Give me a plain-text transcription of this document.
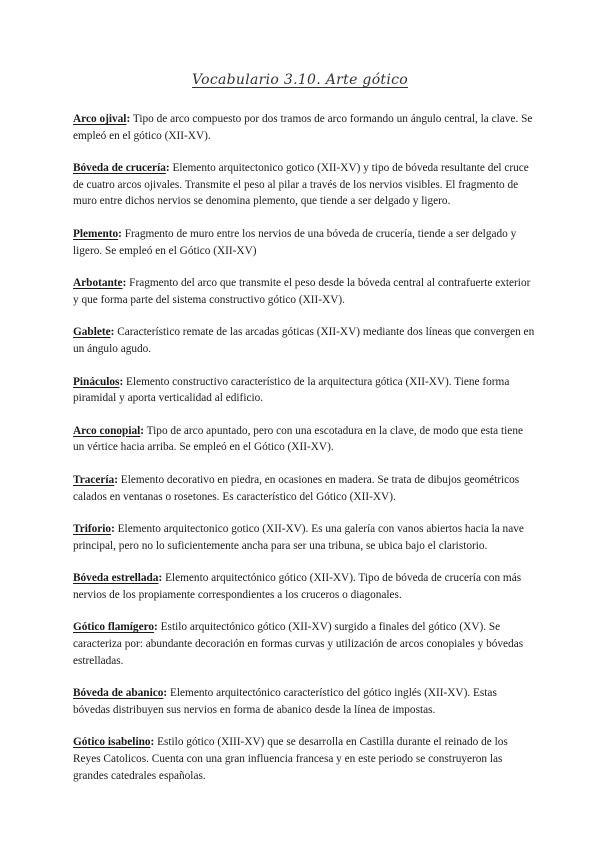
Vocabulario 3.10. Arte gótico

Arco ojival: Tipo de arco compuesto por dos tramos de arco formando un ángulo central, la clave. Se empleó en el gótico (XII-XV).

Bóveda de crucería: Elemento arquitectonico gotico (XII-XV) y tipo de bóveda resultante del cruce de cuatro arcos ojivales. Transmite el peso al pilar a través de los nervios visibles. El fragmento de muro entre dichos nervios se denomina plemento, que tiende a ser delgado y ligero.

Plemento: Fragmento de muro entre los nervios de una bóveda de crucería, tiende a ser delgado y ligero. Se empleó en el Gótico (XII-XV)

Arbotante: Fragmento del arco que transmite el peso desde la bóveda central al contrafuerte exterior y que forma parte del sistema constructivo gótico (XII-XV).

Gablete: Característico remate de las arcadas góticas (XII-XV) mediante dos líneas que convergen en un ángulo agudo.

Pináculos: Elemento constructivo característico de la arquitectura gótica (XII-XV). Tiene forma piramidal y aporta verticalidad al edificio.

Arco conopial: Tipo de arco apuntado, pero con una escotadura en la clave, de modo que esta tiene un vértice hacia arriba. Se empleó en el Gótico (XII-XV).

Tracería: Elemento decorativo en piedra, en ocasiones en madera. Se trata de dibujos geométricos calados en ventanas o rosetones. Es característico del Gótico (XII-XV).

Triforio: Elemento arquitectonico gotico (XII-XV). Es una galería con vanos abiertos hacia la nave principal, pero no lo suficientemente ancha para ser una tribuna, se ubica bajo el claristorio.

Bóveda estrellada: Elemento arquitectónico gótico (XII-XV). Tipo de bóveda de crucería con más nervios de los propiamente correspondientes a los cruceros o diagonales.

Gótico flamígero: Estilo arquitectónico gótico (XII-XV) surgido a finales del gótico (XV). Se caracteriza por: abundante decoración en formas curvas y utilización de arcos conopiales y bóvedas estrelladas.

Bóveda de abanico: Elemento arquitectónico característico del gótico inglés (XII-XV). Estas bóvedas distribuyen sus nervios en forma de abanico desde la línea de impostas.

Gótico isabelino: Estilo gótico (XIII-XV) que se desarrolla en Castilla durante el reinado de los Reyes Catolicos. Cuenta con una gran influencia francesa y en este periodo se construyeron las grandes catedrales españolas.
